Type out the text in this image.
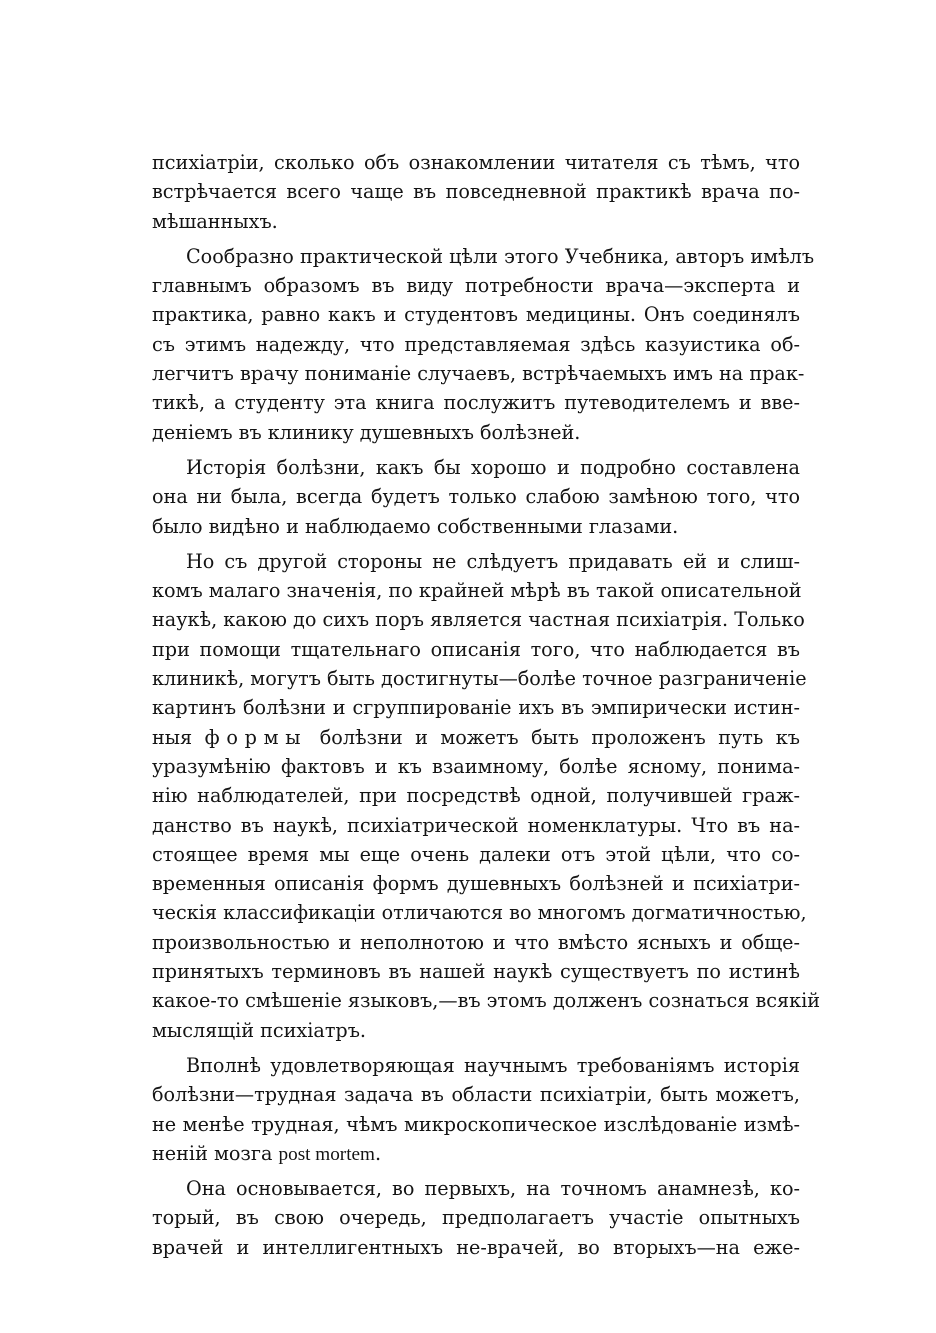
психіатріи, сколько объ ознакомлении читателя съ тѣмъ, что
встрѣчается всего чаще въ повседневной практикѣ врача по-
мѣшанныхъ.

Сообразно практической цѣли этого Учебника, авторъ имѣлъ
главнымъ образомъ въ виду потребности врача—эксперта и
практика, равно какъ и студентовъ медицины. Онъ соединялъ
съ этимъ надежду, что представляемая здѣсь казуистика об-
легчитъ врачу пониманіе случаевъ, встрѣчаемыхъ имъ на прак-
тикѣ, а студенту эта книга послужитъ путеводителемъ и вве-
деніемъ въ клинику душевныхъ болѣзней.

Исторія болѣзни, какъ бы хорошо и подробно составлена
она ни была, всегда будетъ только слабою замѣною того, что
было видѣно и наблюдаемо собственными глазами.

Но съ другой стороны не слѣдуетъ придавать ей и слиш-
комъ малаго значенія, по крайней мѣрѣ въ такой описательной
наукѣ, какою до сихъ поръ является частная психіатрія. Только
при помощи тщательнаго описанія того, что наблюдается въ
клиникѣ, могутъ быть достигнуты—болѣе точное разграниченіе
картинъ болѣзни и сгруппированіе ихъ въ эмпирически истин-
ныя формы болѣзни и можетъ быть проложенъ путь къ
уразумѣнію фактовъ и къ взаимному, болѣе ясному, понима-
нію наблюдателей, при посредствѣ одной, получившей граж-
данство въ наукѣ, психіатрической номенклатуры. Что въ на-
стоящее время мы еще очень далеки отъ этой цѣли, что со-
временныя описанія формъ душевныхъ болѣзней и психіатри-
ческія классификаціи отличаются во многомъ догматичностью,
произвольностью и неполнотою и что вмѣсто ясныхъ и обще-
принятыхъ терминовъ въ нашей наукѣ существуетъ по истинѣ
какое-то смѣшеніе языковъ,—въ этомъ долженъ сознаться всякій
мыслящій психіатръ.

Вполнѣ удовлетворяющая научнымъ требованіямъ исторія
болѣзни—трудная задача въ области психіатріи, быть можетъ,
не менѣе трудная, чѣмъ микроскопическое изслѣдованіе измѣ-
неній мозга post mortem.

Она основывается, во первыхъ, на точномъ анамнезѣ, ко-
торый, въ свою очередь, предполагаетъ участіе опытныхъ
врачей и интеллигентныхъ не-врачей, во вторыхъ—на еже-
